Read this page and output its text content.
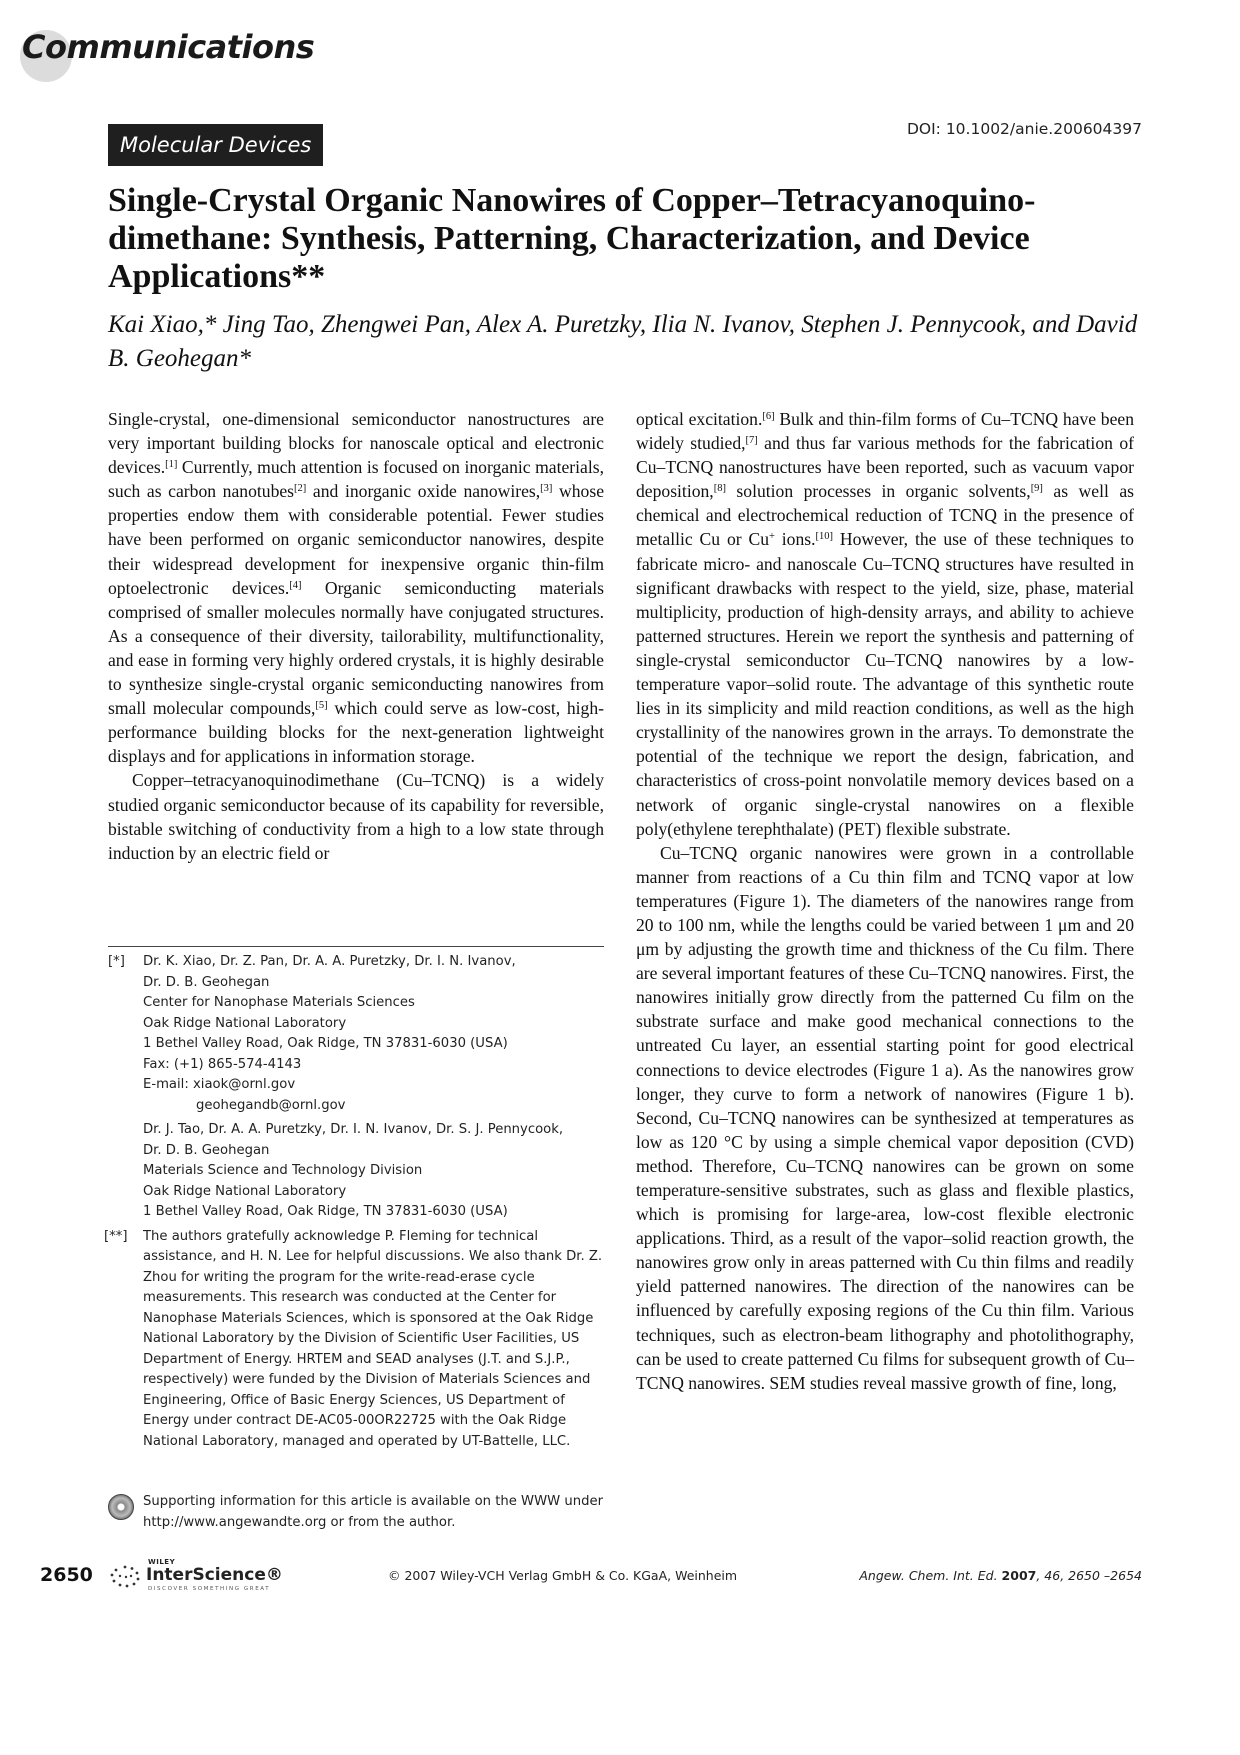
Communications
Molecular Devices
DOI: 10.1002/anie.200604397
Single-Crystal Organic Nanowires of Copper–Tetracyanoquino-dimethane: Synthesis, Patterning, Characterization, and Device Applications**
Kai Xiao,* Jing Tao, Zhengwei Pan, Alex A. Puretzky, Ilia N. Ivanov, Stephen J. Pennycook, and David B. Geohegan*

Single-crystal, one-dimensional semiconductor nanostructures are very important building blocks for nanoscale optical and electronic devices.[1] Currently, much attention is focused on inorganic materials, such as carbon nanotubes[2] and inorganic oxide nanowires,[3] whose properties endow them with considerable potential. Fewer studies have been performed on organic semiconductor nanowires, despite their widespread development for inexpensive organic thin-film optoelectronic devices.[4] Organic semiconducting materials comprised of smaller molecules normally have conjugated structures. As a consequence of their diversity, tailorability, multifunctionality, and ease in forming very highly ordered crystals, it is highly desirable to synthesize single-crystal organic semiconducting nanowires from small molecular compounds,[5] which could serve as low-cost, high-performance building blocks for the next-generation lightweight displays and for applications in information storage.

Copper–tetracyanoquinodimethane (Cu–TCNQ) is a widely studied organic semiconductor because of its capability for reversible, bistable switching of conductivity from a high to a low state through induction by an electric field or

optical excitation.[6] Bulk and thin-film forms of Cu–TCNQ have been widely studied,[7] and thus far various methods for the fabrication of Cu–TCNQ nanostructures have been reported, such as vacuum vapor deposition,[8] solution processes in organic solvents,[9] as well as chemical and electrochemical reduction of TCNQ in the presence of metallic Cu or Cu+ ions.[10] However, the use of these techniques to fabricate micro- and nanoscale Cu–TCNQ structures have resulted in significant drawbacks with respect to the yield, size, phase, material multiplicity, production of high-density arrays, and ability to achieve patterned structures. Herein we report the synthesis and patterning of single-crystal semiconductor Cu–TCNQ nanowires by a low-temperature vapor–solid route. The advantage of this synthetic route lies in its simplicity and mild reaction conditions, as well as the high crystallinity of the nanowires grown in the arrays. To demonstrate the potential of the technique we report the design, fabrication, and characteristics of cross-point nonvolatile memory devices based on a network of organic single-crystal nanowires on a flexible poly(ethylene terephthalate) (PET) flexible substrate.

Cu–TCNQ organic nanowires were grown in a controllable manner from reactions of a Cu thin film and TCNQ vapor at low temperatures (Figure 1). The diameters of the nanowires range from 20 to 100 nm, while the lengths could be varied between 1 μm and 20 μm by adjusting the growth time and thickness of the Cu film. There are several important features of these Cu–TCNQ nanowires. First, the nanowires initially grow directly from the patterned Cu film on the substrate surface and make good mechanical connections to the untreated Cu layer, an essential starting point for good electrical connections to device electrodes (Figure 1 a). As the nanowires grow longer, they curve to form a network of nanowires (Figure 1 b). Second, Cu–TCNQ nanowires can be synthesized at temperatures as low as 120 °C by using a simple chemical vapor deposition (CVD) method. Therefore, Cu–TCNQ nanowires can be grown on some temperature-sensitive substrates, such as glass and flexible plastics, which is promising for large-area, low-cost flexible electronic applications. Third, as a result of the vapor–solid reaction growth, the nanowires grow only in areas patterned with Cu thin films and readily yield patterned nanowires. The direction of the nanowires can be influenced by carefully exposing regions of the Cu thin film. Various techniques, such as electron-beam lithography and photolithography, can be used to create patterned Cu films for subsequent growth of Cu–TCNQ nanowires. SEM studies reveal massive growth of fine, long,

[*] Dr. K. Xiao, Dr. Z. Pan, Dr. A. A. Puretzky, Dr. I. N. Ivanov,
Dr. D. B. Geohegan
Center for Nanophase Materials Sciences
Oak Ridge National Laboratory
1 Bethel Valley Road, Oak Ridge, TN 37831-6030 (USA)
Fax: (+1) 865-574-4143
E-mail: xiaok@ornl.gov
geohegandb@ornl.gov
Dr. J. Tao, Dr. A. A. Puretzky, Dr. I. N. Ivanov, Dr. S. J. Pennycook,
Dr. D. B. Geohegan
Materials Science and Technology Division
Oak Ridge National Laboratory
1 Bethel Valley Road, Oak Ridge, TN 37831-6030 (USA)
[**] The authors gratefully acknowledge P. Fleming for technical assistance, and H. N. Lee for helpful discussions. We also thank Dr. Z. Zhou for writing the program for the write-read-erase cycle measurements. This research was conducted at the Center for Nanophase Materials Sciences, which is sponsored at the Oak Ridge National Laboratory by the Division of Scientific User Facilities, US Department of Energy. HRTEM and SEAD analyses (J.T. and S.J.P., respectively) were funded by the Division of Materials Sciences and Engineering, Office of Basic Energy Sciences, US Department of Energy under contract DE-AC05-00OR22725 with the Oak Ridge National Laboratory, managed and operated by UT-Battelle, LLC.
Supporting information for this article is available on the WWW under http://www.angewandte.org or from the author.
2650
WILEY
InterScience®
DISCOVER SOMETHING GREAT
© 2007 Wiley-VCH Verlag GmbH & Co. KGaA, Weinheim	Angew. Chem. Int. Ed. 2007, 46, 2650 –2654
